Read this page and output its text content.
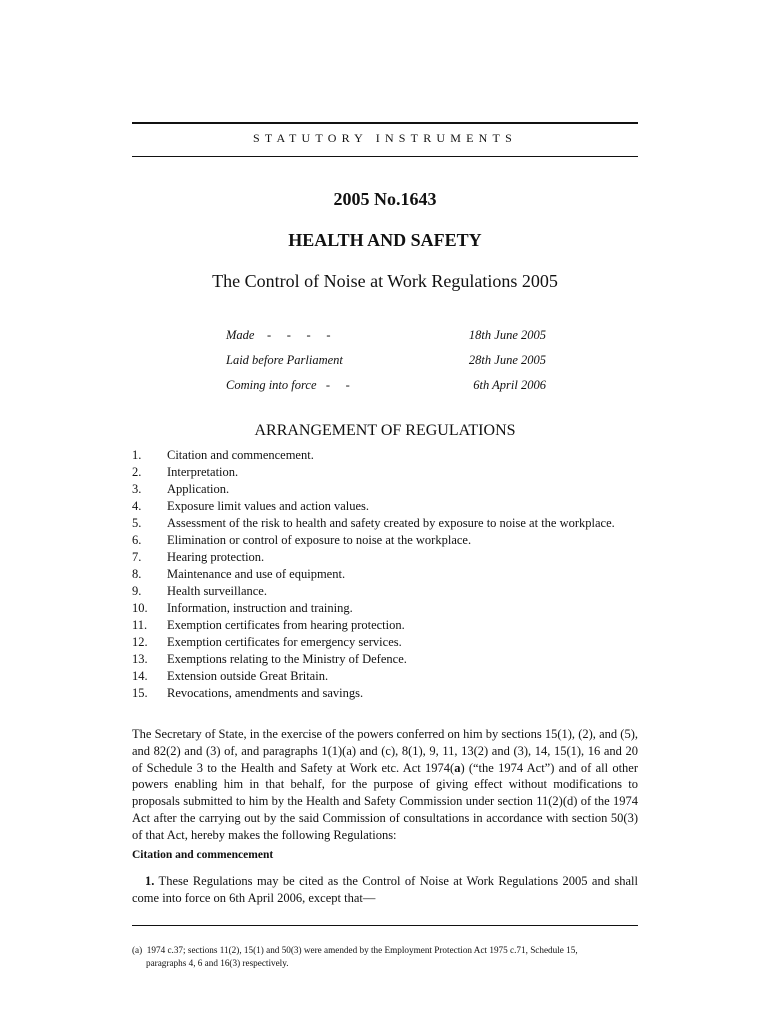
STATUTORY INSTRUMENTS
2005 No.1643
HEALTH AND SAFETY
The Control of Noise at Work Regulations 2005
Made -     -     -     -	18th June 2005
Laid before Parliament	28th June 2005
Coming into force -     -	6th April 2006
ARRANGEMENT OF REGULATIONS
1. Citation and commencement.
2. Interpretation.
3. Application.
4. Exposure limit values and action values.
5. Assessment of the risk to health and safety created by exposure to noise at the workplace.
6. Elimination or control of exposure to noise at the workplace.
7. Hearing protection.
8. Maintenance and use of equipment.
9. Health surveillance.
10. Information, instruction and training.
11. Exemption certificates from hearing protection.
12. Exemption certificates for emergency services.
13. Exemptions relating to the Ministry of Defence.
14. Extension outside Great Britain.
15. Revocations, amendments and savings.
The Secretary of State, in the exercise of the powers conferred on him by sections 15(1), (2), and (5), and 82(2) and (3) of, and paragraphs 1(1)(a) and (c), 8(1), 9, 11, 13(2) and (3), 14, 15(1), 16 and 20 of Schedule 3 to the Health and Safety at Work etc. Act 1974(a) (“the 1974 Act”) and of all other powers enabling him in that behalf, for the purpose of giving effect without modifications to proposals submitted to him by the Health and Safety Commission under section 11(2)(d) of the 1974 Act after the carrying out by the said Commission of consultations in accordance with section 50(3) of that Act, hereby makes the following Regulations:
Citation and commencement
1. These Regulations may be cited as the Control of Noise at Work Regulations 2005 and shall come into force on 6th April 2006, except that—
(a) 1974 c.37; sections 11(2), 15(1) and 50(3) were amended by the Employment Protection Act 1975 c.71, Schedule 15,
paragraphs 4, 6 and 16(3) respectively.
